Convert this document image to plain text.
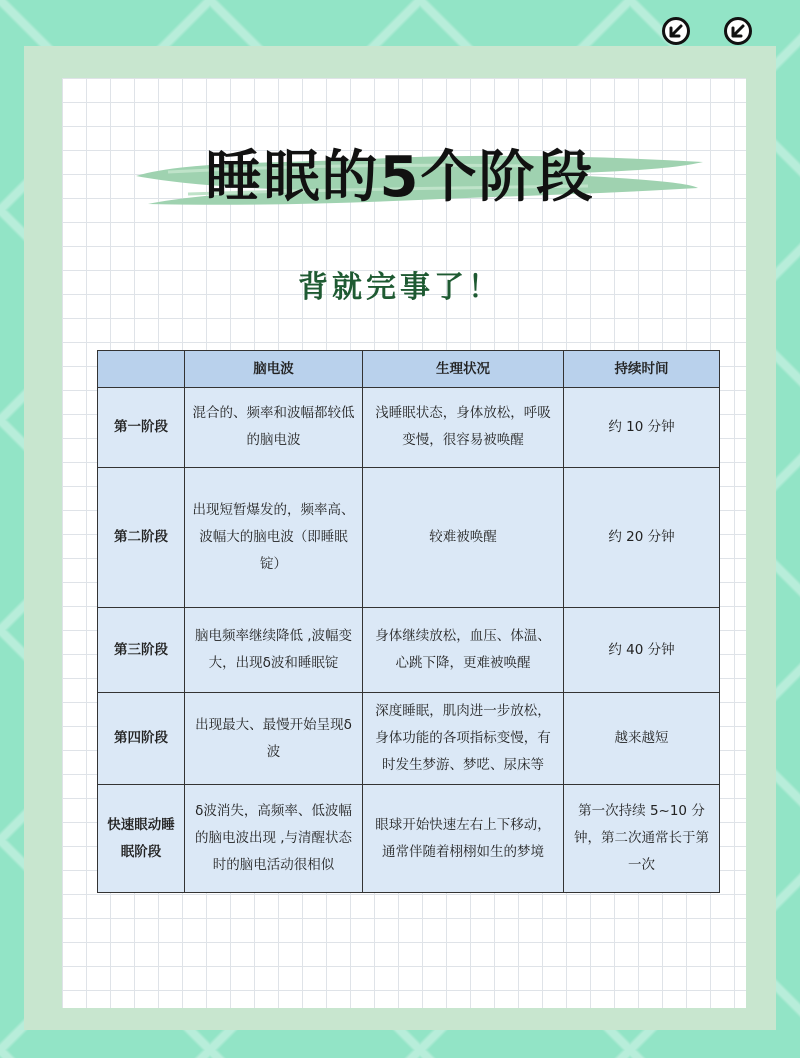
睡眠的5个阶段
背就完事了！
	脑电波	生理状况	持续时间
第一阶段	混合的、频率和波幅都较低的脑电波	浅睡眠状态，身体放松，呼吸变慢，很容易被唤醒	约 10 分钟
第二阶段	出现短暂爆发的，频率高、波幅大的脑电波（即睡眠锭）	较难被唤醒	约 20 分钟
第三阶段	脑电频率继续降低 ,波幅变大，出现δ波和睡眠锭	身体继续放松，血压、体温、心跳下降，更难被唤醒	约 40 分钟
第四阶段	出现最大、最慢开始呈现δ波	深度睡眠，肌肉进一步放松，身体功能的各项指标变慢，有时发生梦游、梦呓、尿床等	越来越短
快速眼动睡眠阶段	δ波消失，高频率、低波幅的脑电波出现 ,与清醒状态时的脑电活动很相似	眼球开始快速左右上下移动，通常伴随着栩栩如生的梦境	第一次持续 5~10 分钟，第二次通常长于第一次
